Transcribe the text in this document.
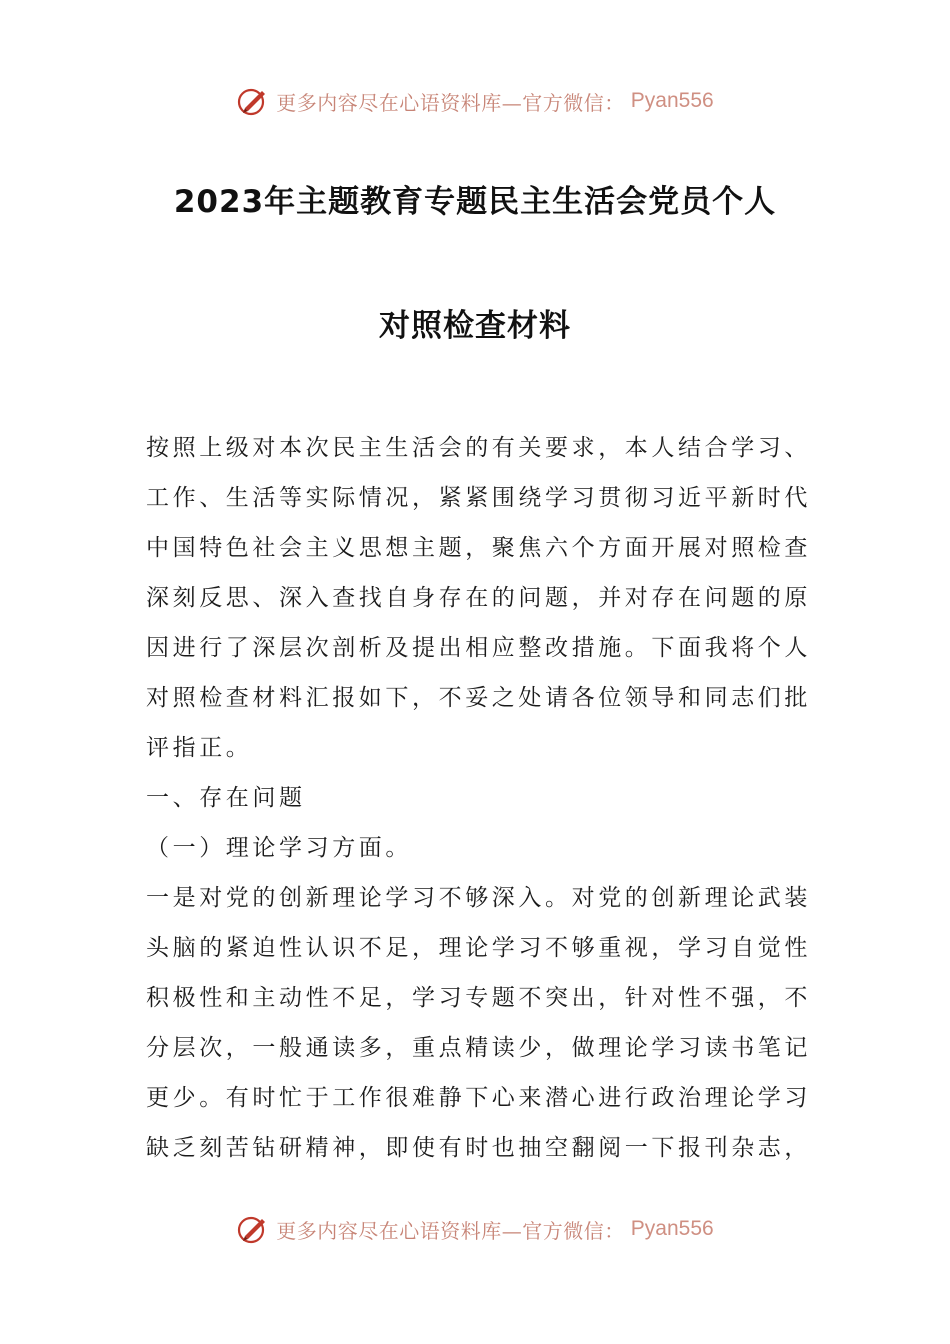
更多内容尽在心语资料库—官方微信： Pyan556
2023年主题教育专题民主生活会党员个人
对照检查材料
按照上级对本次民主生活会的有关要求，本人结合学习、
工作、生活等实际情况，紧紧围绕学习贯彻习近平新时代
中国特色社会主义思想主题，聚焦六个方面开展对照检查
深刻反思、深入查找自身存在的问题，并对存在问题的原
因进行了深层次剖析及提出相应整改措施。下面我将个人
对照检查材料汇报如下，不妥之处请各位领导和同志们批
评指正。
一、存在问题
（一）理论学习方面。
一是对党的创新理论学习不够深入。对党的创新理论武装
头脑的紧迫性认识不足，理论学习不够重视，学习自觉性
积极性和主动性不足，学习专题不突出，针对性不强，不
分层次，一般通读多，重点精读少，做理论学习读书笔记
更少。有时忙于工作很难静下心来潜心进行政治理论学习
缺乏刻苦钻研精神，即使有时也抽空翻阅一下报刊杂志，
更多内容尽在心语资料库—官方微信： Pyan556
